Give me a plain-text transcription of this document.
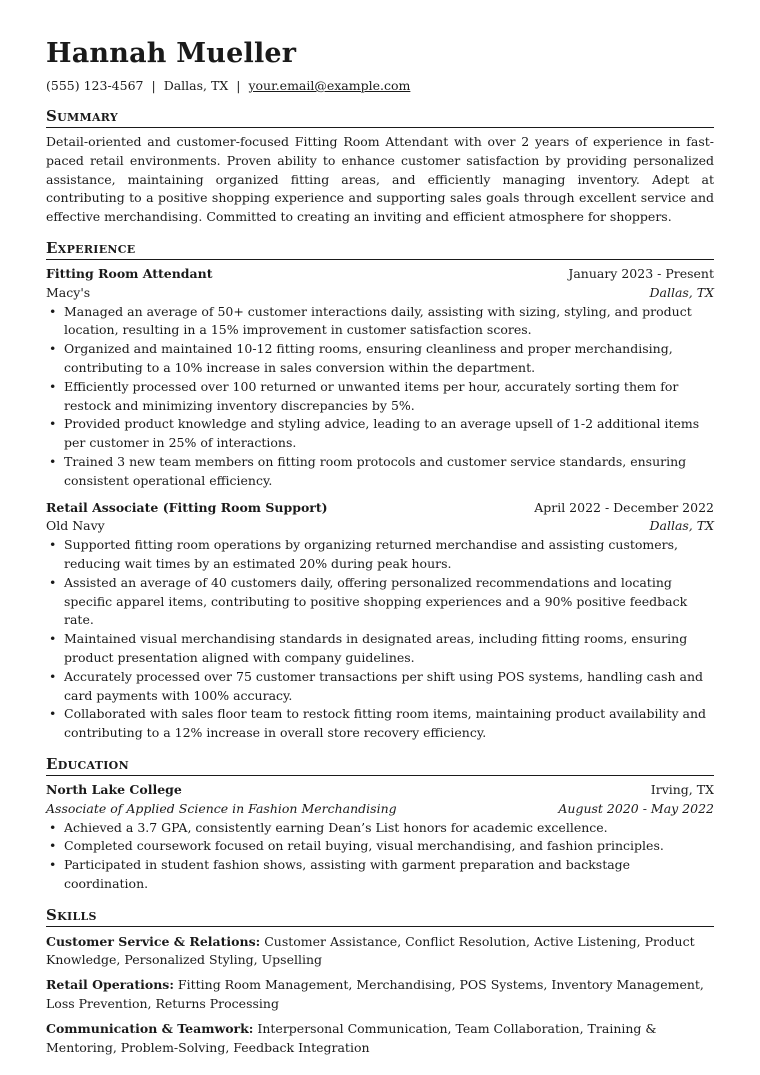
Hannah Mueller
(555) 123-4567 | Dallas, TX | your.email@example.com
Summary
Detail-oriented and customer-focused Fitting Room Attendant with over 2 years of experience in fast-paced retail environments. Proven ability to enhance customer satisfaction by providing personalized assistance, maintaining organized fitting areas, and efficiently managing inventory. Adept at contributing to a positive shopping experience and supporting sales goals through excellent service and effective merchandising. Committed to creating an inviting and efficient atmosphere for shoppers.
Experience
Fitting Room Attendant	January 2023 - Present
Macy's	Dallas, TX
• Managed an average of 50+ customer interactions daily, assisting with sizing, styling, and product location, resulting in a 15% improvement in customer satisfaction scores.
• Organized and maintained 10-12 fitting rooms, ensuring cleanliness and proper merchandising, contributing to a 10% increase in sales conversion within the department.
• Efficiently processed over 100 returned or unwanted items per hour, accurately sorting them for restock and minimizing inventory discrepancies by 5%.
• Provided product knowledge and styling advice, leading to an average upsell of 1-2 additional items per customer in 25% of interactions.
• Trained 3 new team members on fitting room protocols and customer service standards, ensuring consistent operational efficiency.
Retail Associate (Fitting Room Support)	April 2022 - December 2022
Old Navy	Dallas, TX
• Supported fitting room operations by organizing returned merchandise and assisting customers, reducing wait times by an estimated 20% during peak hours.
• Assisted an average of 40 customers daily, offering personalized recommendations and locating specific apparel items, contributing to positive shopping experiences and a 90% positive feedback rate.
• Maintained visual merchandising standards in designated areas, including fitting rooms, ensuring product presentation aligned with company guidelines.
• Accurately processed over 75 customer transactions per shift using POS systems, handling cash and card payments with 100% accuracy.
• Collaborated with sales floor team to restock fitting room items, maintaining product availability and contributing to a 12% increase in overall store recovery efficiency.
Education
North Lake College	Irving, TX
Associate of Applied Science in Fashion Merchandising	August 2020 - May 2022
• Achieved a 3.7 GPA, consistently earning Dean’s List honors for academic excellence.
• Completed coursework focused on retail buying, visual merchandising, and fashion principles.
• Participated in student fashion shows, assisting with garment preparation and backstage coordination.
Skills
Customer Service & Relations: Customer Assistance, Conflict Resolution, Active Listening, Product Knowledge, Personalized Styling, Upselling
Retail Operations: Fitting Room Management, Merchandising, POS Systems, Inventory Management, Loss Prevention, Returns Processing
Communication & Teamwork: Interpersonal Communication, Team Collaboration, Training & Mentoring, Problem-Solving, Feedback Integration
